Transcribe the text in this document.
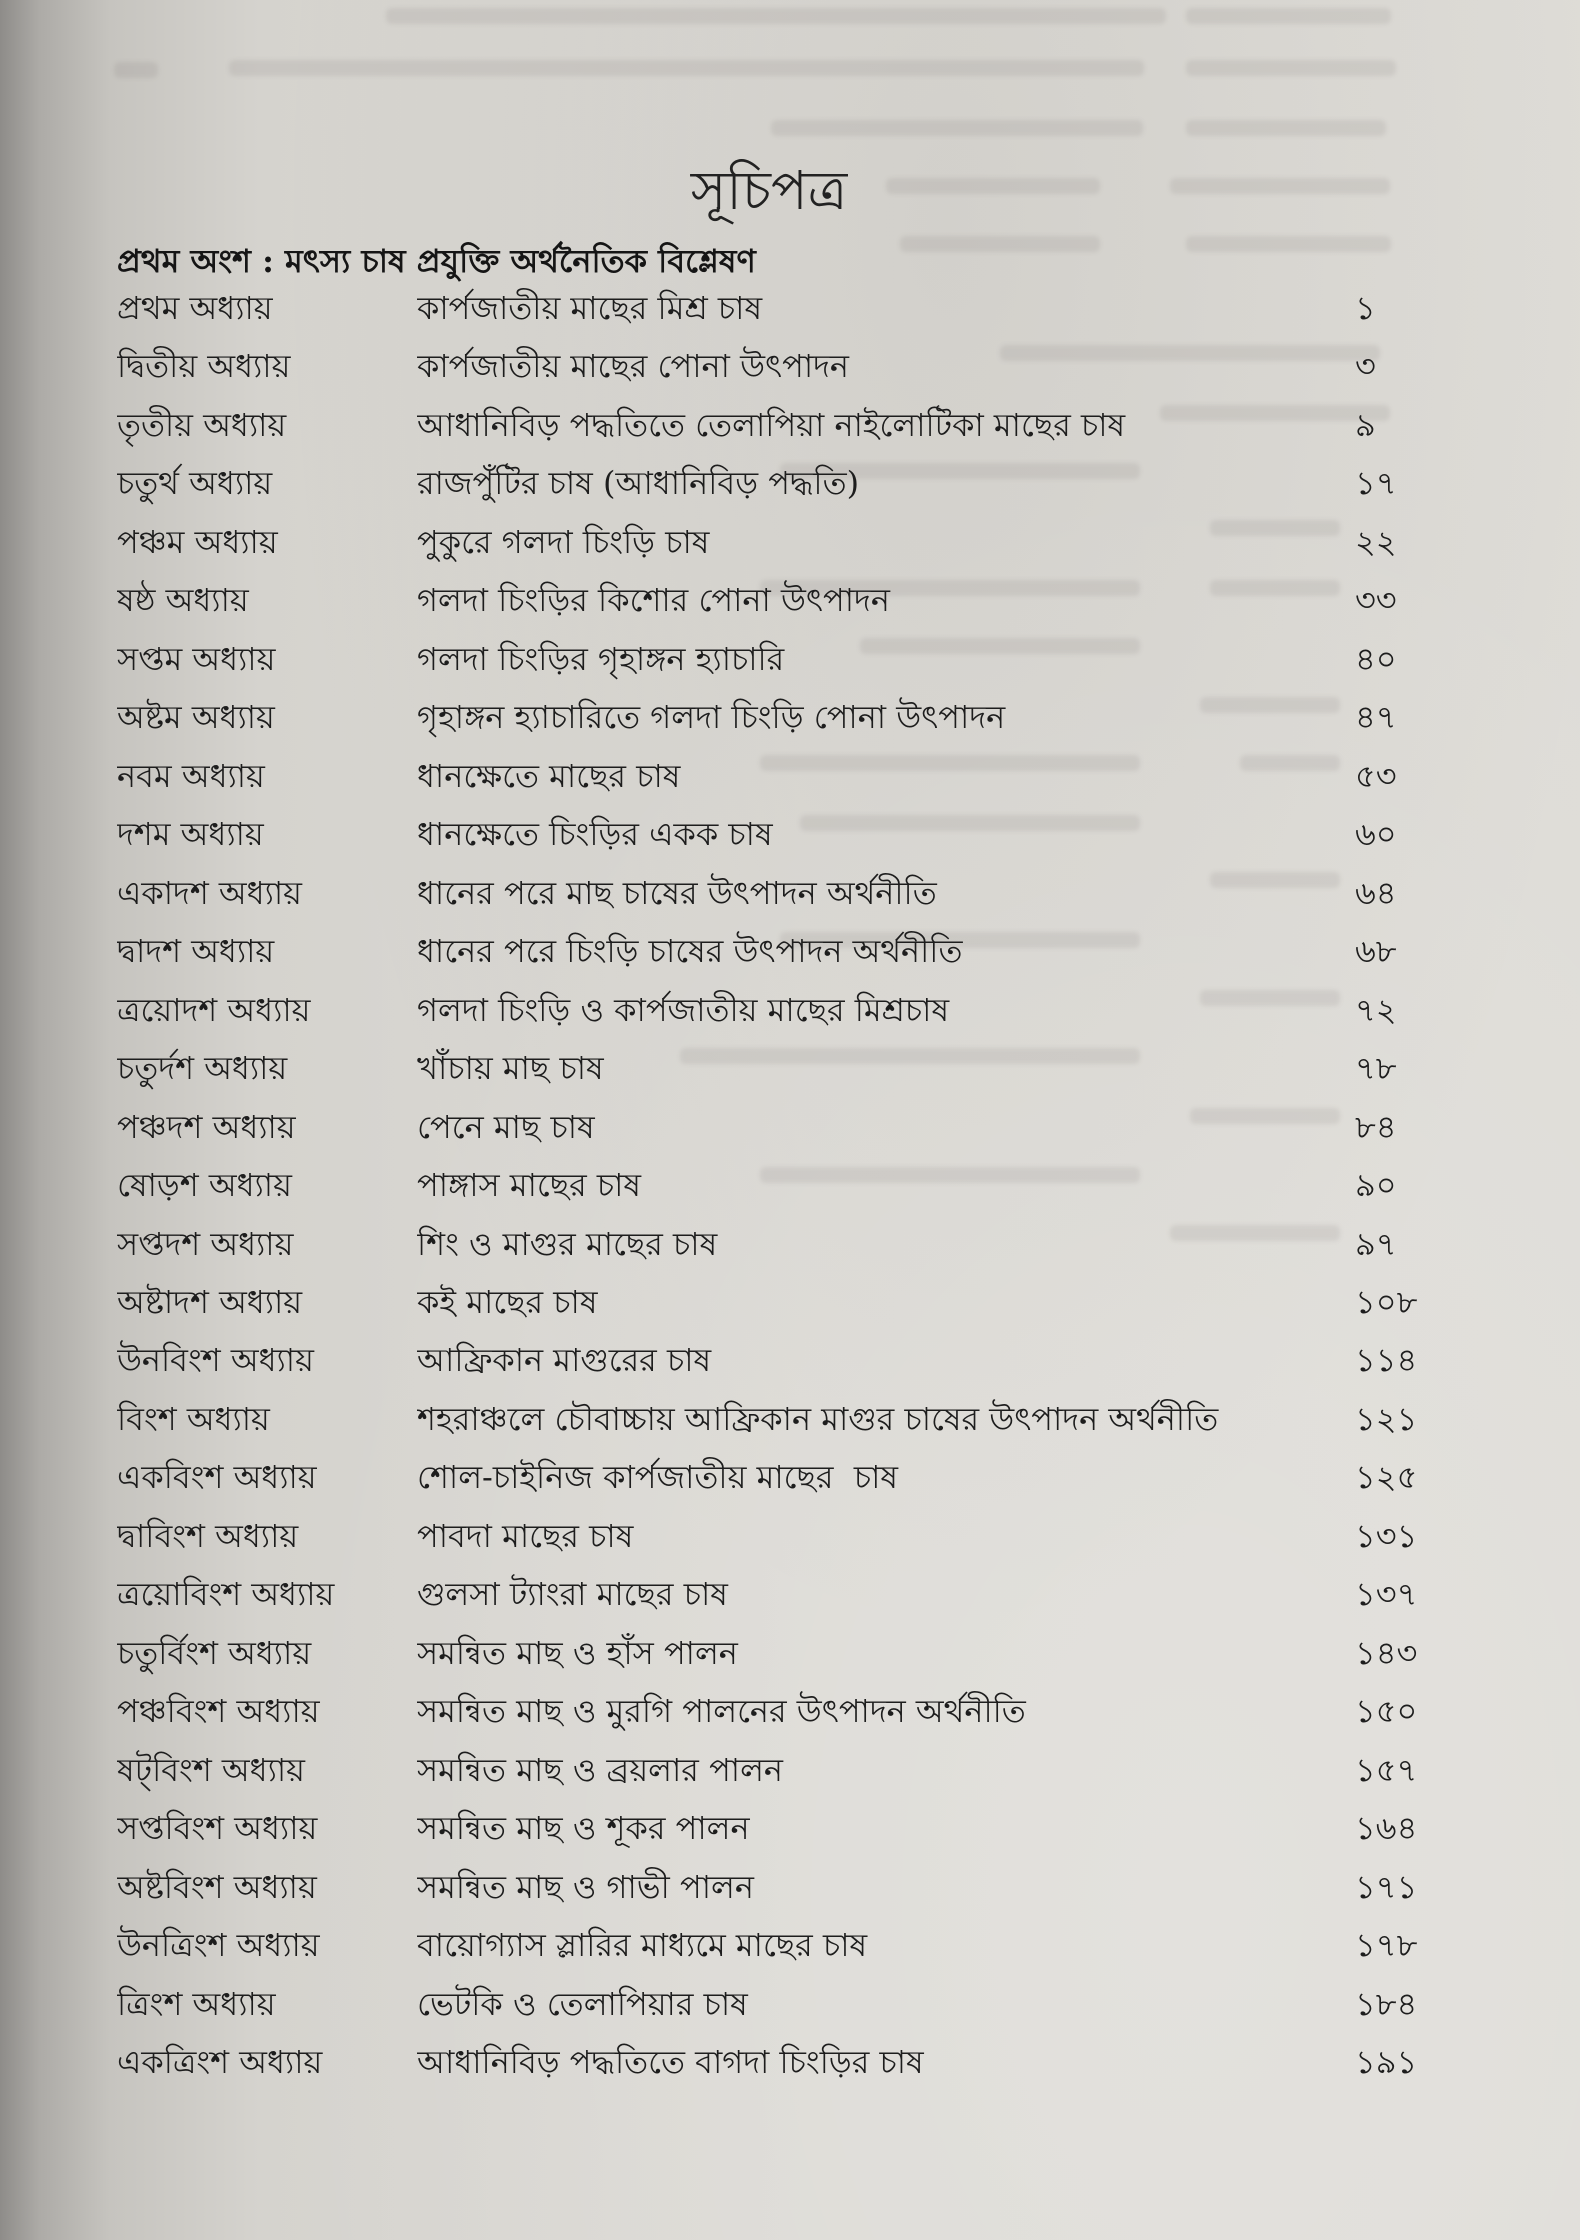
সূচিপত্র
প্রথম অংশ : মৎস্য চাষ প্রযুক্তি অর্থনৈতিক বিশ্লেষণ
প্রথম অধ্যায়	কার্পজাতীয় মাছের মিশ্র চাষ	১
দ্বিতীয় অধ্যায়	কার্পজাতীয় মাছের পোনা উৎপাদন	৩
তৃতীয় অধ্যায়	আধানিবিড় পদ্ধতিতে তেলাপিয়া নাইলোটিকা মাছের চাষ	৯
চতুর্থ অধ্যায়	রাজপুঁটির চাষ (আধানিবিড় পদ্ধতি)	১৭
পঞ্চম অধ্যায়	পুকুরে গলদা চিংড়ি চাষ	২২
ষষ্ঠ অধ্যায়	গলদা চিংড়ির কিশোর পোনা উৎপাদন	৩৩
সপ্তম অধ্যায়	গলদা চিংড়ির গৃহাঙ্গন হ্যাচারি	৪০
অষ্টম অধ্যায়	গৃহাঙ্গন হ্যাচারিতে গলদা চিংড়ি পোনা উৎপাদন	৪৭
নবম অধ্যায়	ধানক্ষেতে মাছের চাষ	৫৩
দশম অধ্যায়	ধানক্ষেতে চিংড়ির একক চাষ	৬০
একাদশ অধ্যায়	ধানের পরে মাছ চাষের উৎপাদন অর্থনীতি	৬৪
দ্বাদশ অধ্যায়	ধানের পরে চিংড়ি চাষের উৎপাদন অর্থনীতি	৬৮
ত্রয়োদশ অধ্যায়	গলদা চিংড়ি ও কার্পজাতীয় মাছের মিশ্রচাষ	৭২
চতুর্দশ অধ্যায়	খাঁচায় মাছ চাষ	৭৮
পঞ্চদশ অধ্যায়	পেনে মাছ চাষ	৮৪
ষোড়শ অধ্যায়	পাঙ্গাস মাছের চাষ	৯০
সপ্তদশ অধ্যায়	শিং ও মাগুর মাছের চাষ	৯৭
অষ্টাদশ অধ্যায়	কই মাছের চাষ	১০৮
উনবিংশ অধ্যায়	আফ্রিকান মাগুরের চাষ	১১৪
বিংশ অধ্যায়	শহরাঞ্চলে চৌবাচ্চায় আফ্রিকান মাগুর চাষের উৎপাদন অর্থনীতি	১২১
একবিংশ অধ্যায়	শোল-চাইনিজ কার্পজাতীয় মাছের  চাষ	১২৫
দ্বাবিংশ অধ্যায়	পাবদা মাছের চাষ	১৩১
ত্রয়োবিংশ অধ্যায়	গুলসা ট্যাংরা মাছের চাষ	১৩৭
চতুর্বিংশ অধ্যায়	সমন্বিত মাছ ও হাঁস পালন	১৪৩
পঞ্চবিংশ অধ্যায়	সমন্বিত মাছ ও মুরগি পালনের উৎপাদন অর্থনীতি	১৫০
ষট্‌বিংশ অধ্যায়	সমন্বিত মাছ ও ব্রয়লার পালন	১৫৭
সপ্তবিংশ অধ্যায়	সমন্বিত মাছ ও শূকর পালন	১৬৪
অষ্টবিংশ অধ্যায়	সমন্বিত মাছ ও গাভী পালন	১৭১
উনত্রিংশ অধ্যায়	বায়োগ্যাস স্লারির মাধ্যমে মাছের চাষ	১৭৮
ত্রিংশ অধ্যায়	ভেটকি ও তেলাপিয়ার চাষ	১৮৪
একত্রিংশ অধ্যায়	আধানিবিড় পদ্ধতিতে বাগদা চিংড়ির চাষ	১৯১
